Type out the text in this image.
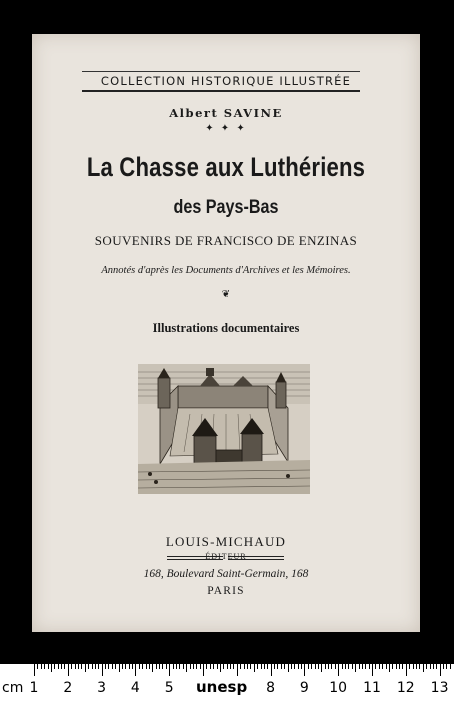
COLLECTION HISTORIQUE ILLUSTRÉE
Albert SAVINE
✦ ✦ ✦
La Chasse aux Luthériens
des Pays-Bas
SOUVENIRS DE FRANCISCO DE ENZINAS
Annotés d'après les Documents d'Archives et les Mémoires.
❦
Illustrations documentaires
LOUIS-MICHAUD
ÉDITEUR
168, Boulevard Saint-Germain, 168
PARIS
cm	unesp
1 2 3 4 5	8 9 10 11 12 13
